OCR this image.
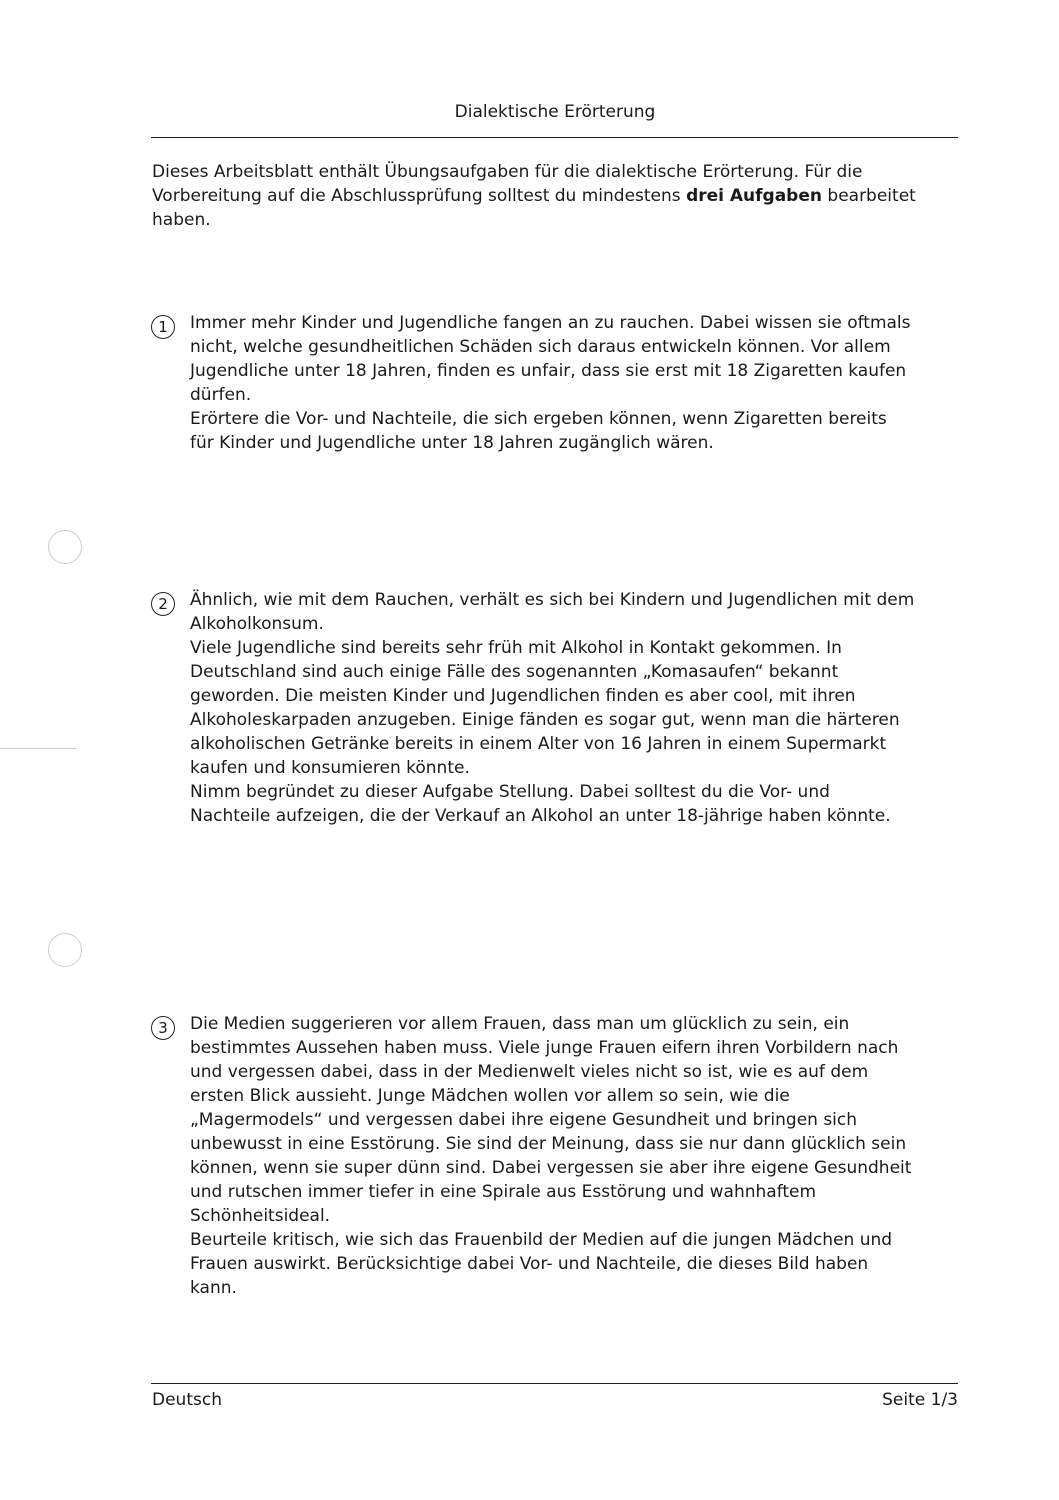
Dialektische Erörterung
Dieses Arbeitsblatt enthält Übungsaufgaben für die dialektische Erörterung. Für die
Vorbereitung auf die Abschlussprüfung solltest du mindestens drei Aufgaben bearbeitet
haben.
1	Immer mehr Kinder und Jugendliche fangen an zu rauchen. Dabei wissen sie oftmals
nicht, welche gesundheitlichen Schäden sich daraus entwickeln können. Vor allem
Jugendliche unter 18 Jahren, finden es unfair, dass sie erst mit 18 Zigaretten kaufen
dürfen.
Erörtere die Vor- und Nachteile, die sich ergeben können, wenn Zigaretten bereits
für Kinder und Jugendliche unter 18 Jahren zugänglich wären.
2	Ähnlich, wie mit dem Rauchen, verhält es sich bei Kindern und Jugendlichen mit dem
Alkoholkonsum.
Viele Jugendliche sind bereits sehr früh mit Alkohol in Kontakt gekommen. In
Deutschland sind auch einige Fälle des sogenannten „Komasaufen“ bekannt
geworden. Die meisten Kinder und Jugendlichen finden es aber cool, mit ihren
Alkoholeskarpaden anzugeben. Einige fänden es sogar gut, wenn man die härteren
alkoholischen Getränke bereits in einem Alter von 16 Jahren in einem Supermarkt
kaufen und konsumieren könnte.
Nimm begründet zu dieser Aufgabe Stellung. Dabei solltest du die Vor- und
Nachteile aufzeigen, die der Verkauf an Alkohol an unter 18-jährige haben könnte.
3	Die Medien suggerieren vor allem Frauen, dass man um glücklich zu sein, ein
bestimmtes Aussehen haben muss. Viele junge Frauen eifern ihren Vorbildern nach
und vergessen dabei, dass in der Medienwelt vieles nicht so ist, wie es auf dem
ersten Blick aussieht. Junge Mädchen wollen vor allem so sein, wie die
„Magermodels“ und vergessen dabei ihre eigene Gesundheit und bringen sich
unbewusst in eine Esstörung. Sie sind der Meinung, dass sie nur dann glücklich sein
können, wenn sie super dünn sind. Dabei vergessen sie aber ihre eigene Gesundheit
und rutschen immer tiefer in eine Spirale aus Esstörung und wahnhaftem
Schönheitsideal.
Beurteile kritisch, wie sich das Frauenbild der Medien auf die jungen Mädchen und
Frauen auswirkt. Berücksichtige dabei Vor- und Nachteile, die dieses Bild haben
kann.
Deutsch	Seite 1/3
